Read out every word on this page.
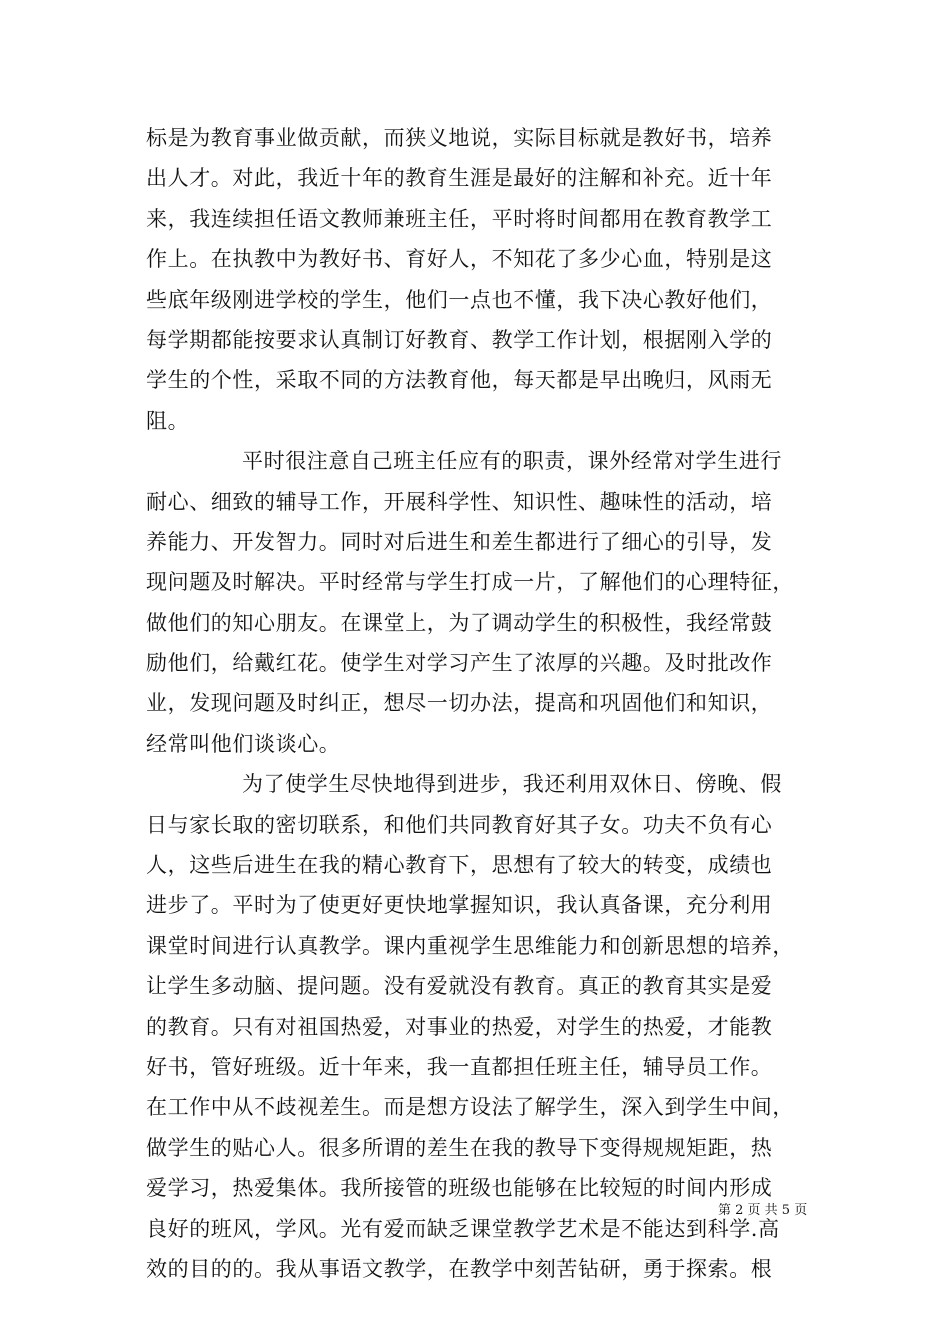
标是为教育事业做贡献，而狭义地说，实际目标就是教好书，培养
出人才。对此，我近十年的教育生涯是最好的注解和补充。近十年
来，我连续担任语文教师兼班主任，平时将时间都用在教育教学工
作上。在执教中为教好书、育好人，不知花了多少心血，特别是这
些底年级刚进学校的学生，他们一点也不懂，我下决心教好他们，
每学期都能按要求认真制订好教育、教学工作计划，根据刚入学的
学生的个性，采取不同的方法教育他，每天都是早出晚归，风雨无
阻。
平时很注意自己班主任应有的职责，课外经常对学生进行
耐心、细致的辅导工作，开展科学性、知识性、趣味性的活动，培
养能力、开发智力。同时对后进生和差生都进行了细心的引导，发
现问题及时解决。平时经常与学生打成一片，了解他们的心理特征，
做他们的知心朋友。在课堂上，为了调动学生的积极性，我经常鼓
励他们，给戴红花。使学生对学习产生了浓厚的兴趣。及时批改作
业，发现问题及时纠正，想尽一切办法，提高和巩固他们和知识，
经常叫他们谈谈心。
为了使学生尽快地得到进步，我还利用双休日、傍晚、假
日与家长取的密切联系，和他们共同教育好其子女。功夫不负有心
人，这些后进生在我的精心教育下，思想有了较大的转变，成绩也
进步了。平时为了使更好更快地掌握知识，我认真备课，充分利用
课堂时间进行认真教学。课内重视学生思维能力和创新思想的培养，
让学生多动脑、提问题。没有爱就没有教育。真正的教育其实是爱
的教育。只有对祖国热爱，对事业的热爱，对学生的热爱，才能教
好书，管好班级。近十年来，我一直都担任班主任，辅导员工作。
在工作中从不歧视差生。而是想方设法了解学生，深入到学生中间，
做学生的贴心人。很多所谓的差生在我的教导下变得规规矩距，热
爱学习，热爱集体。我所接管的班级也能够在比较短的时间内形成
良好的班风，学风。光有爱而缺乏课堂教学艺术是不能达到科学.高
效的目的的。我从事语文教学，在教学中刻苦钻研，勇于探索。根
第 2 页 共 5 页
